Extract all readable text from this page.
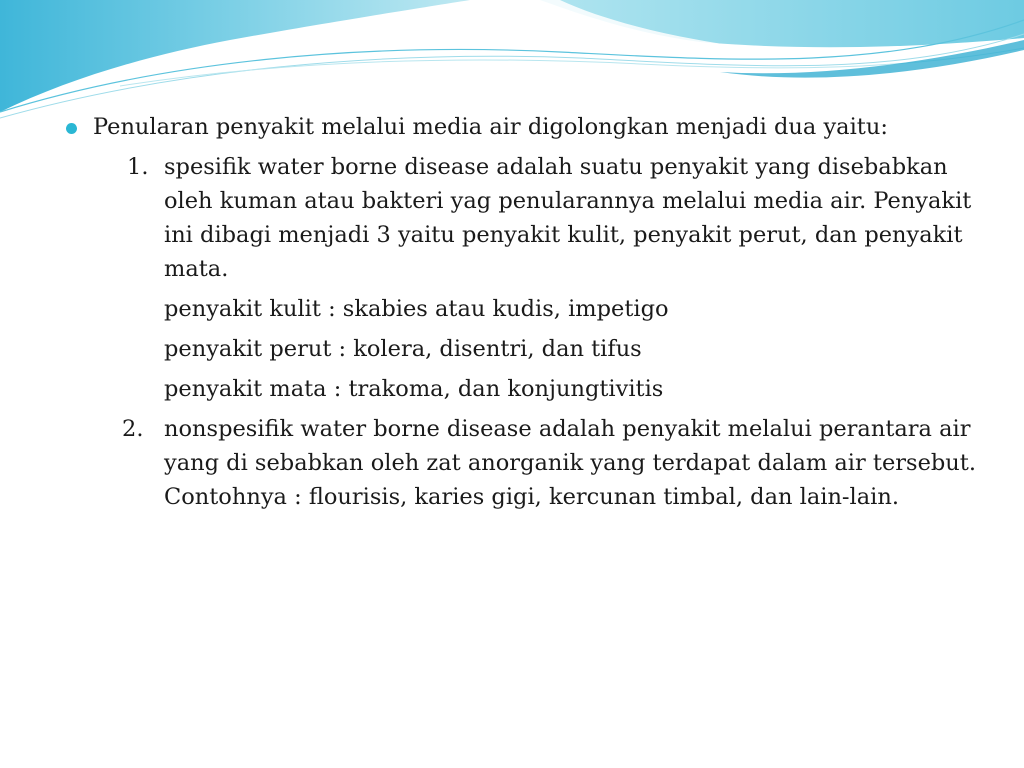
Penularan penyakit melalui media air digolongkan menjadi dua yaitu:
1. spesifik water borne disease adalah suatu penyakit yang disebabkan oleh kuman atau bakteri yag penularannya melalui media air. Penyakit ini dibagi menjadi 3 yaitu penyakit kulit, penyakit perut, dan penyakit mata.
penyakit kulit : skabies atau kudis, impetigo
penyakit perut : kolera, disentri, dan tifus
penyakit mata : trakoma, dan konjungtivitis
2. nonspesifik water borne disease adalah penyakit melalui perantara air yang di sebabkan oleh zat anorganik yang terdapat dalam air tersebut. Contohnya : flourisis, karies gigi, kercunan timbal, dan lain-lain.
